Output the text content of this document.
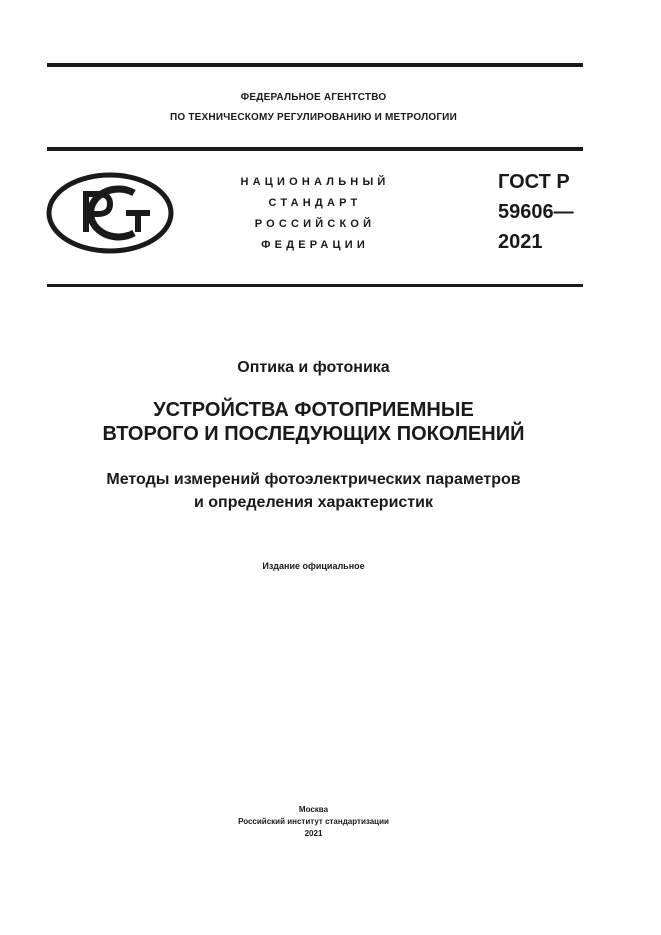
ФЕДЕРАЛЬНОЕ АГЕНТСТВО
ПО ТЕХНИЧЕСКОМУ РЕГУЛИРОВАНИЮ И МЕТРОЛОГИИ
НАЦИОНАЛЬНЫЙ
СТАНДАРТ
РОССИЙСКОЙ
ФЕДЕРАЦИИ
ГОСТ Р
59606—
2021
Оптика и фотоника
УСТРОЙСТВА ФОТОПРИЕМНЫЕ
ВТОРОГО И ПОСЛЕДУЮЩИХ ПОКОЛЕНИЙ
Методы измерений фотоэлектрических параметров
и определения характеристик
Издание официальное
Москва
Российский институт стандартизации
2021
